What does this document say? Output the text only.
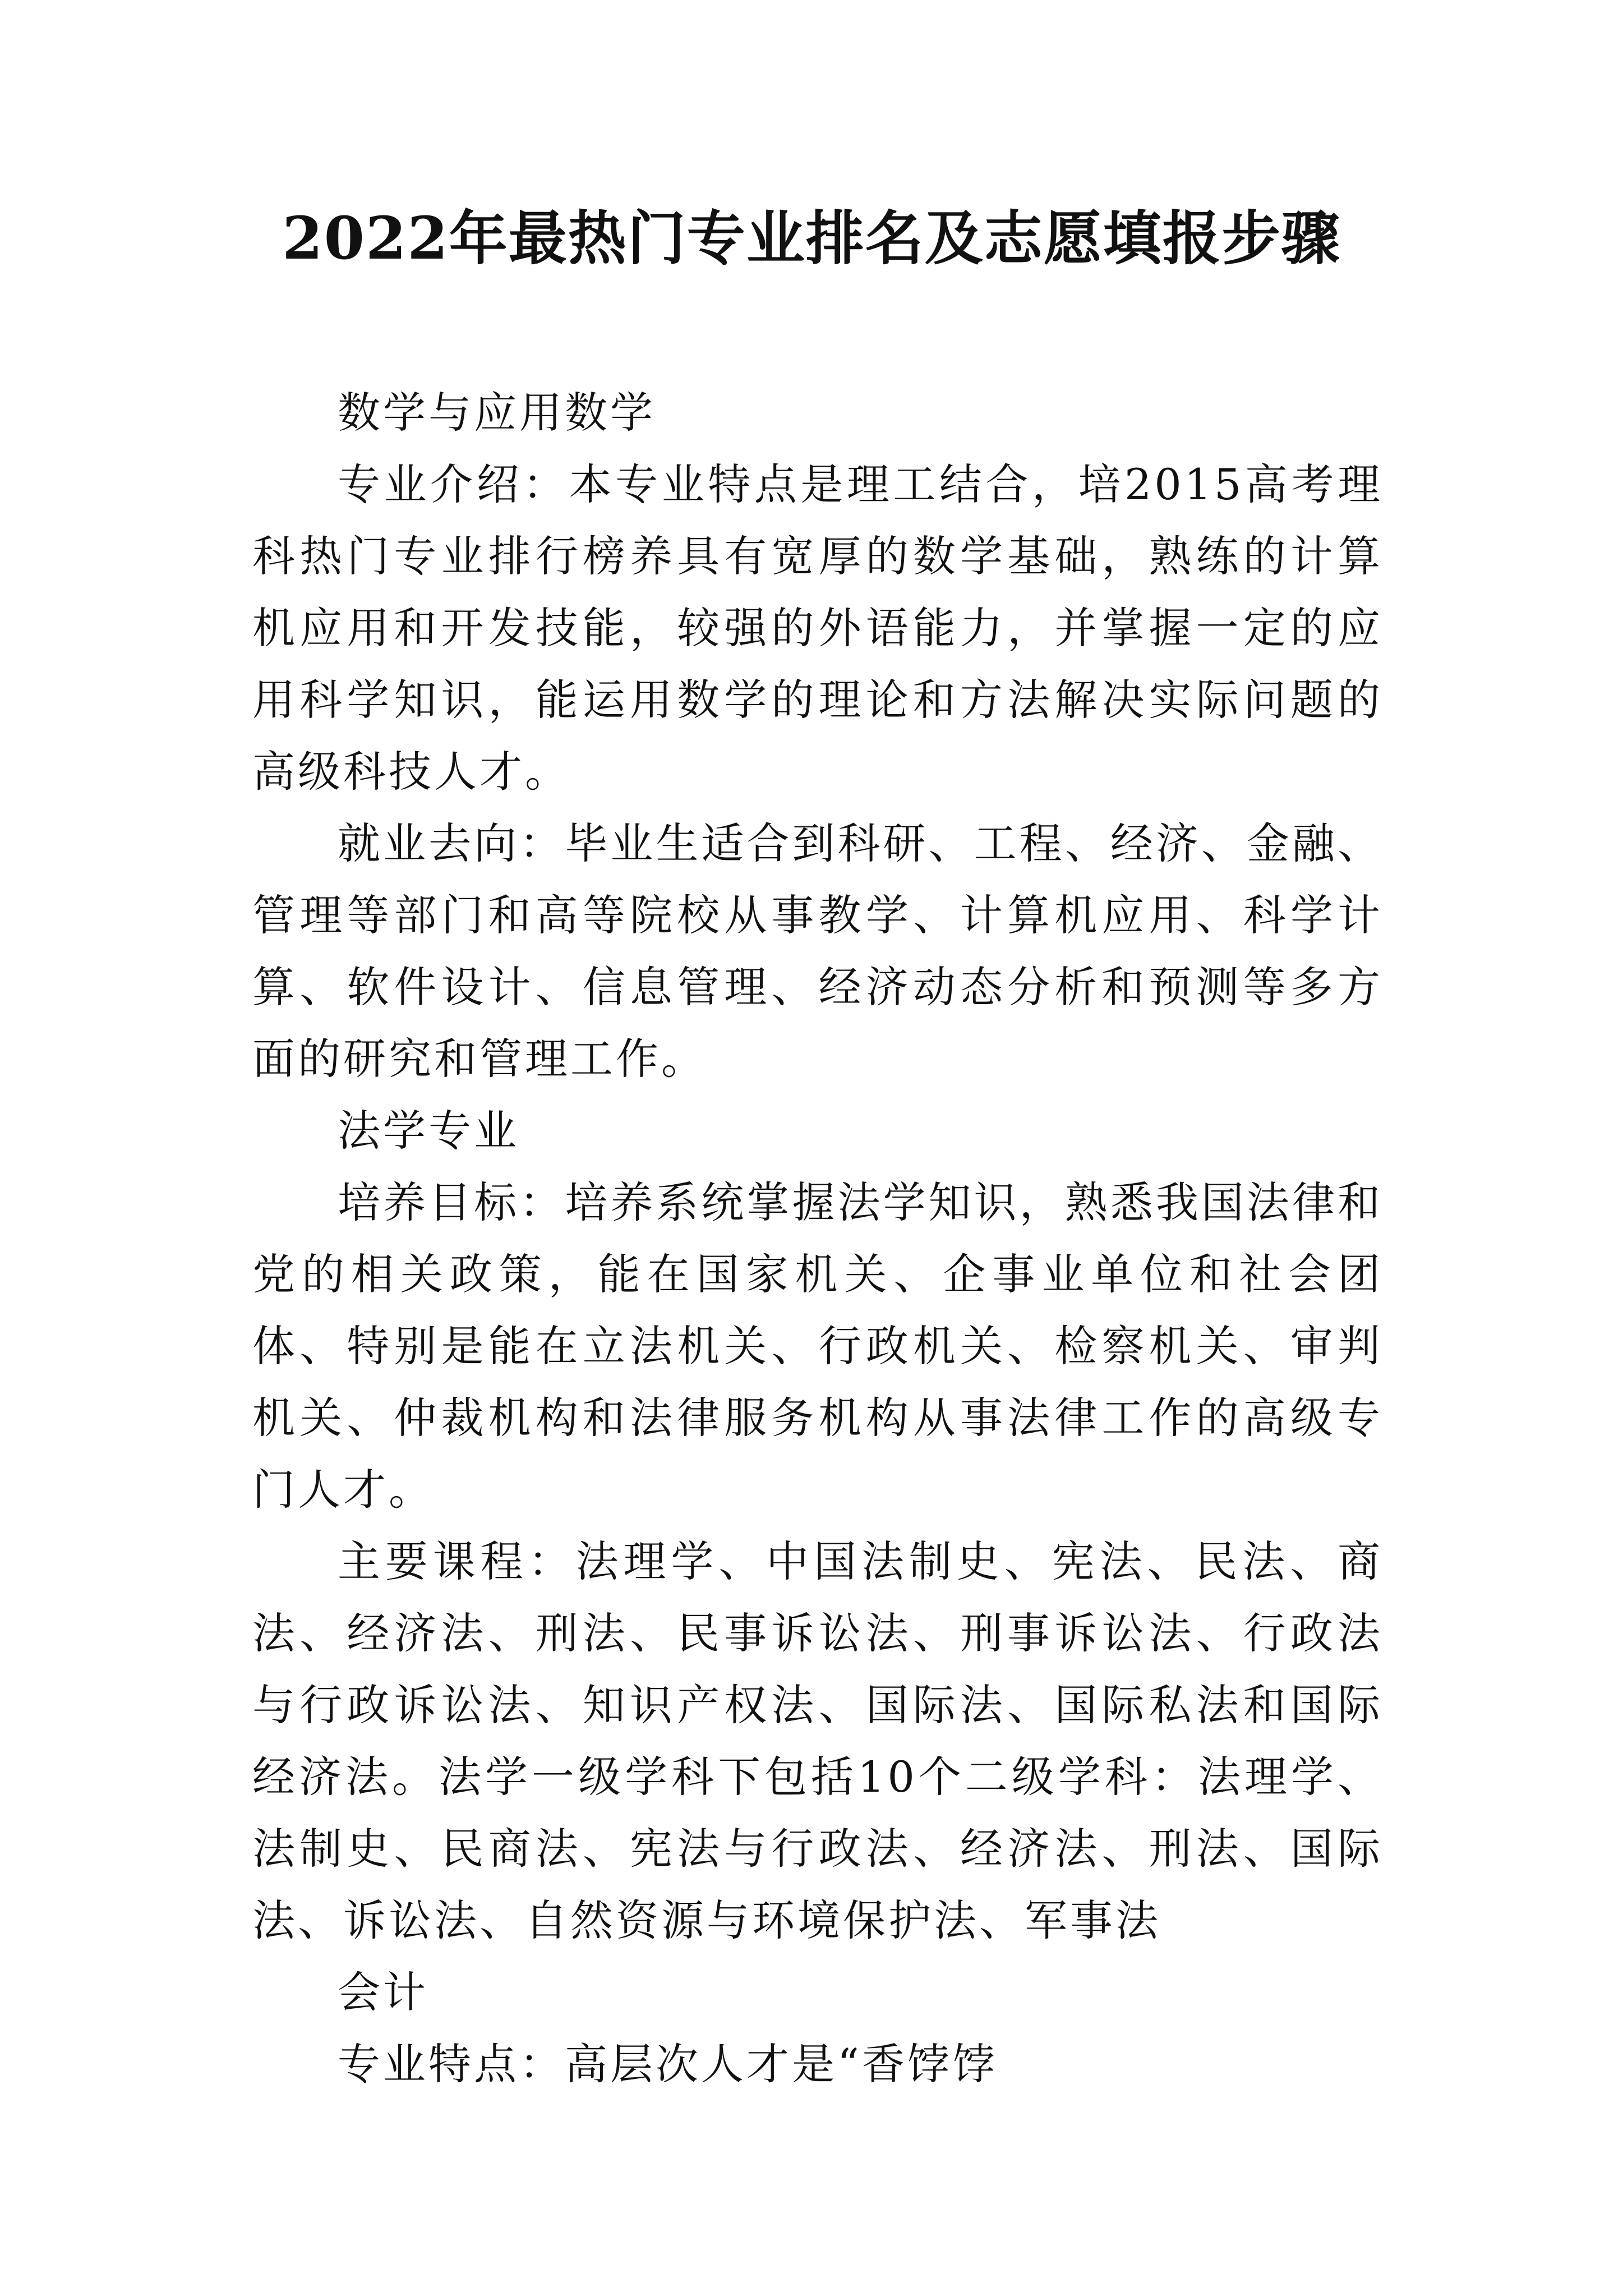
2022年最热门专业排名及志愿填报步骤

数学与应用数学

专业介绍：本专业特点是理工结合，培2015高考理科热门专业排行榜养具有宽厚的数学基础，熟练的计算机应用和开发技能，较强的外语能力，并掌握一定的应用科学知识，能运用数学的理论和方法解决实际问题的高级科技人才。

就业去向：毕业生适合到科研、工程、经济、金融、管理等部门和高等院校从事教学、计算机应用、科学计算、软件设计、信息管理、经济动态分析和预测等多方面的研究和管理工作。

法学专业

培养目标：培养系统掌握法学知识，熟悉我国法律和党的相关政策，能在国家机关、企事业单位和社会团体、特别是能在立法机关、行政机关、检察机关、审判机关、仲裁机构和法律服务机构从事法律工作的高级专门人才。

主要课程：法理学、中国法制史、宪法、民法、商法、经济法、刑法、民事诉讼法、刑事诉讼法、行政法与行政诉讼法、知识产权法、国际法、国际私法和国际经济法。法学一级学科下包括10个二级学科：法理学、法制史、民商法、宪法与行政法、经济法、刑法、国际法、诉讼法、自然资源与环境保护法、军事法

会计

专业特点：高层次人才是“香饽饽
